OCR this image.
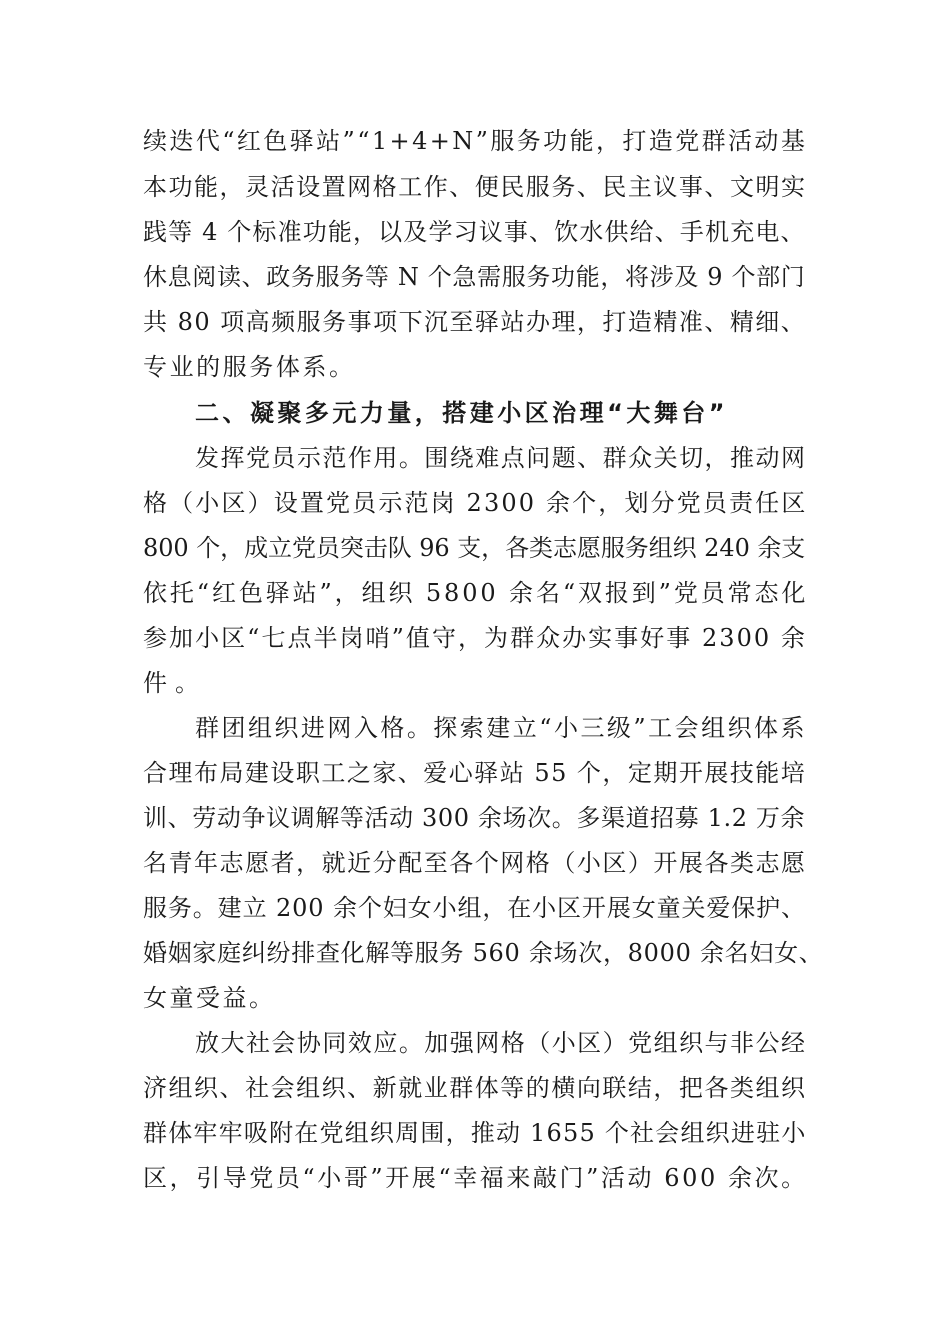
续迭代“红色驿站”“1+4+N”服务功能，打造党群活动基
本功能，灵活设置网格工作、便民服务、民主议事、文明实
践等 4 个标准功能，以及学习议事、饮水供给、手机充电、
休息阅读、政务服务等 N 个急需服务功能，将涉及 9 个部门
共 80 项高频服务事项下沉至驿站办理，打造精准、精细、
专业的服务体系。
二、凝聚多元力量，搭建小区治理“大舞台”
发挥党员示范作用。围绕难点问题、群众关切，推动网
格（小区）设置党员示范岗 2300 余个，划分党员责任区
800 个，成立党员突击队 96 支，各类志愿服务组织 240 余支
依托“红色驿站”，组织 5800 余名“双报到”党员常态化
参加小区“七点半岗哨”值守，为群众办实事好事 2300 余
件。
群团组织进网入格。探索建立“小三级”工会组织体系
合理布局建设职工之家、爱心驿站 55 个，定期开展技能培
训、劳动争议调解等活动 300 余场次。多渠道招募 1.2 万余
名青年志愿者，就近分配至各个网格（小区）开展各类志愿
服务。建立 200 余个妇女小组，在小区开展女童关爱保护、
婚姻家庭纠纷排查化解等服务 560 余场次，8000 余名妇女、
女童受益。
放大社会协同效应。加强网格（小区）党组织与非公经
济组织、社会组织、新就业群体等的横向联结，把各类组织
群体牢牢吸附在党组织周围，推动 1655 个社会组织进驻小
区，引导党员“小哥”开展“幸福来敲门”活动 600 余次。
